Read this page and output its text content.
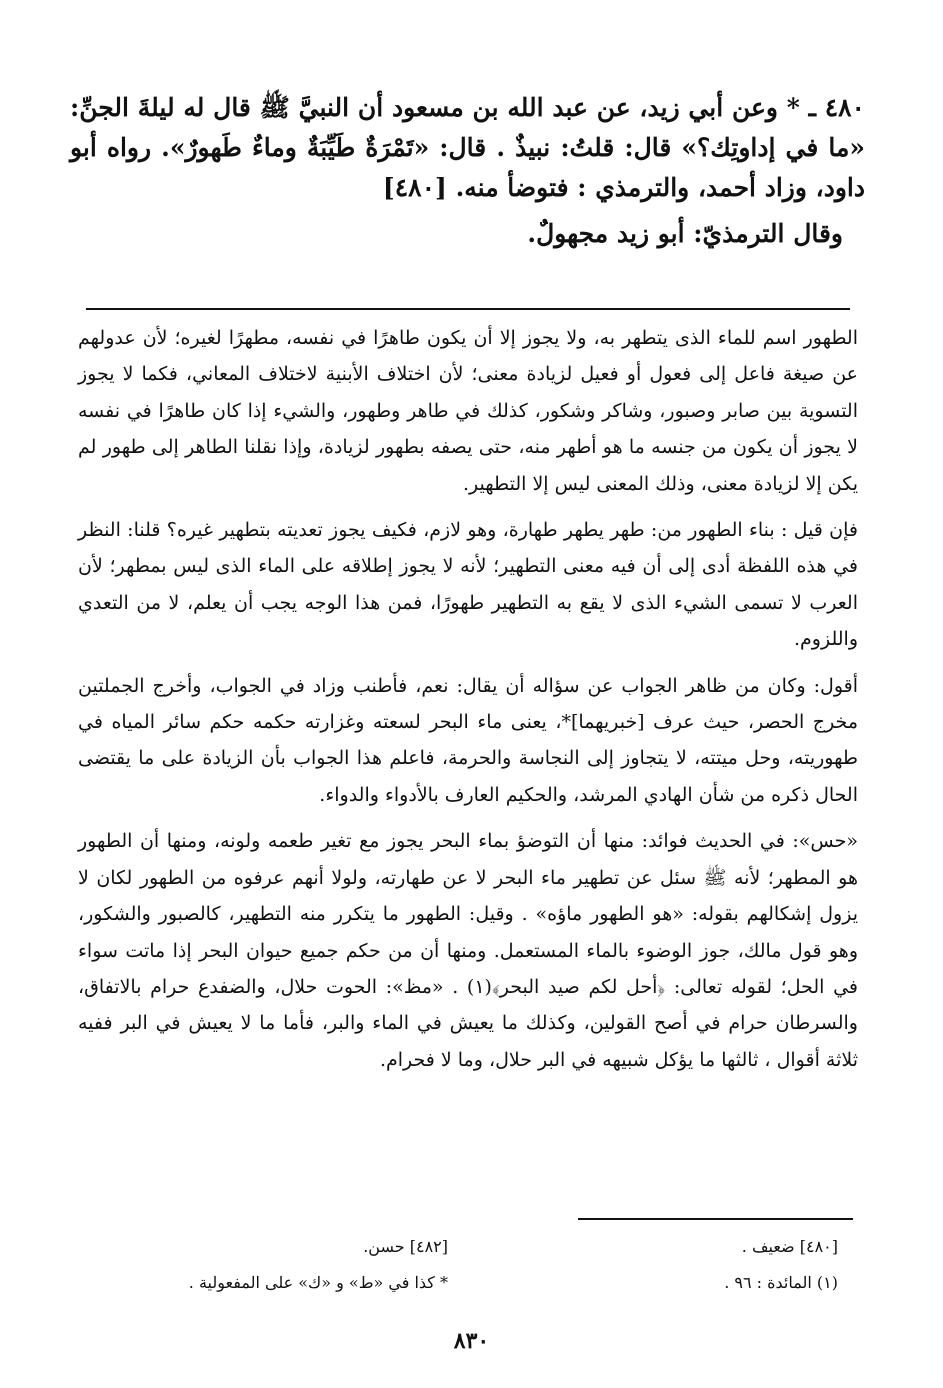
٤٨٠ ـ * وعن أبي زيد، عن عبد الله بن مسعود أن النبيَّ ﷺ قال له ليلةَ الجنِّ: «ما في إداوتِك؟» قال: قلتُ: نبيذٌ . قال: «تَمْرَةٌ طَيِّبَةٌ وماءٌ طَهورٌ». رواه أبو داود، وزاد أحمد، والترمذي : فتوضأ منه. [٤٨٠]

وقال الترمذيّ: أبو زيد مجهولٌ.

الطهور اسم للماء الذى يتطهر به، ولا يجوز إلا أن يكون طاهرًا في نفسه، مطهرًا لغيره؛ لأن عدولهم عن صيغة فاعل إلى فعول أو فعيل لزيادة معنى؛ لأن اختلاف الأبنية لاختلاف المعاني، فكما لا يجوز التسوية بين صابر وصبور، وشاكر وشكور، كذلك في طاهر وطهور، والشيء إذا كان طاهرًا في نفسه لا يجوز أن يكون من جنسه ما هو أطهر منه، حتى يصفه بطهور لزيادة، وإذا نقلنا الطاهر إلى طهور لم يكن إلا لزيادة معنى، وذلك المعنى ليس إلا التطهير.

فإن قيل : بناء الطهور من: طهر يطهر طهارة، وهو لازم، فكيف يجوز تعديته بتطهير غيره؟ قلنا: النظر في هذه اللفظة أدى إلى أن فيه معنى التطهير؛ لأنه لا يجوز إطلاقه على الماء الذى ليس بمطهر؛ لأن العرب لا تسمى الشيء الذى لا يقع به التطهير طهورًا، فمن هذا الوجه يجب أن يعلم، لا من التعدي واللزوم.

أقول: وكان من ظاهر الجواب عن سؤاله أن يقال: نعم، فأطنب وزاد في الجواب، وأخرج الجملتين مخرج الحصر، حيث عرف [خبريهما]*، يعنى ماء البحر لسعته وغزارته حكمه حكم سائر المياه في طهوريته، وحل ميتته، لا يتجاوز إلى النجاسة والحرمة، فاعلم هذا الجواب بأن الزيادة على ما يقتضى الحال ذكره من شأن الهادي المرشد، والحكيم العارف بالأدواء والدواء.

«حس»: في الحديث فوائد: منها أن التوضؤ بماء البحر يجوز مع تغير طعمه ولونه، ومنها أن الطهور هو المطهر؛ لأنه ﷺ سئل عن تطهير ماء البحر لا عن طهارته، ولولا أنهم عرفوه من الطهور لكان لا يزول إشكالهم بقوله: «هو الطهور ماؤه» . وقيل: الطهور ما يتكرر منه التطهير، كالصبور والشكور، وهو قول مالك، جوز الوضوء بالماء المستعمل. ومنها أن من حكم جميع حيوان البحر إذا ماتت سواء في الحل؛ لقوله تعالى: ﴿أحل لكم صيد البحر﴾(١) . «مظ»: الحوت حلال، والضفدع حرام بالاتفاق، والسرطان حرام في أصح القولين، وكذلك ما يعيش في الماء والبر، فأما ما لا يعيش في البر ففيه ثلاثة أقوال ، ثالثها ما يؤكل شبيهه في البر حلال، وما لا فحرام.

[٤٨٠] ضعيف .
(١) المائدة : ٩٦ .
[٤٨٢] حسن.
* كذا في «ط» و «ك» على المفعولية .
٨٣٠
